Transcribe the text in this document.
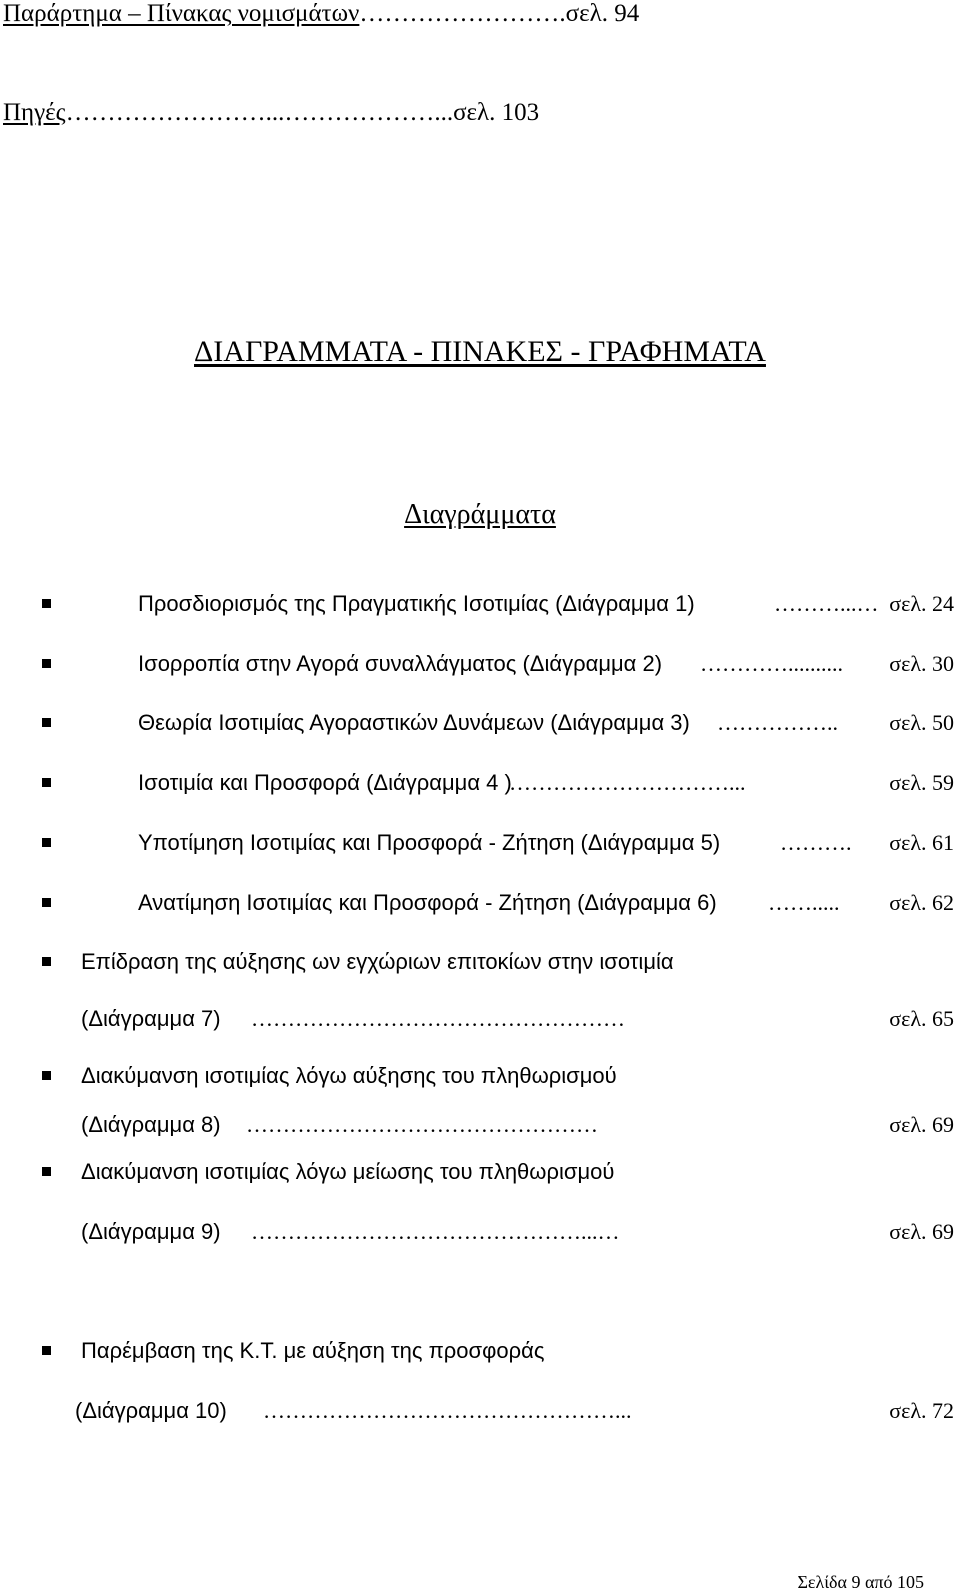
Παράρτημα – Πίνακας νομισμάτων…………………….σελ. 94
Πηγές……………………...………………...σελ. 103
ΔΙΑΓΡΑΜΜΑΤΑ - ΠΙΝΑΚΕΣ - ΓΡΑΦΗΜΑΤΑ
Διαγράμματα
Προσδιορισμός της Πραγματικής Ισοτιμίας (Διάγραμμα 1)	………...… σελ. 24
Ισορροπία στην Αγορά συναλλάγματος (Διάγραμμα 2) ………….......... σελ. 30
Θεωρία Ισοτιμίας Αγοραστικών Δυνάμεων (Διάγραμμα 3) …………….. σελ. 50
Ισοτιμία και Προσφορά (Διάγραμμα 4 )
…………………………...	σελ. 59
Υποτίμηση Ισοτιμίας και Προσφορά - Ζήτηση (Διάγραμμα 5)	………. σελ. 61
Ανατίμηση Ισοτιμίας και Προσφορά - Ζήτηση (Διάγραμμα 6) ……..... σελ. 62
Επίδραση της αύξησης ων εγχώριων επιτοκίων στην ισοτιμία
(Διάγραμμα 7) ……………………………………………	σελ. 65
Διακύμανση ισοτιμίας λόγω αύξησης του πληθωρισμού
(Διάγραμμα 8) …………………………………………	σελ. 69
Διακύμανση ισοτιμίας λόγω μείωσης του πληθωρισμού
(Διάγραμμα 9) ………………………………………...…	σελ. 69
Παρέμβαση της Κ.Τ. με αύξηση της προσφοράς
(Διάγραμμα 10) …………………………………………...	σελ. 72
Σελίδα 9 από 105
